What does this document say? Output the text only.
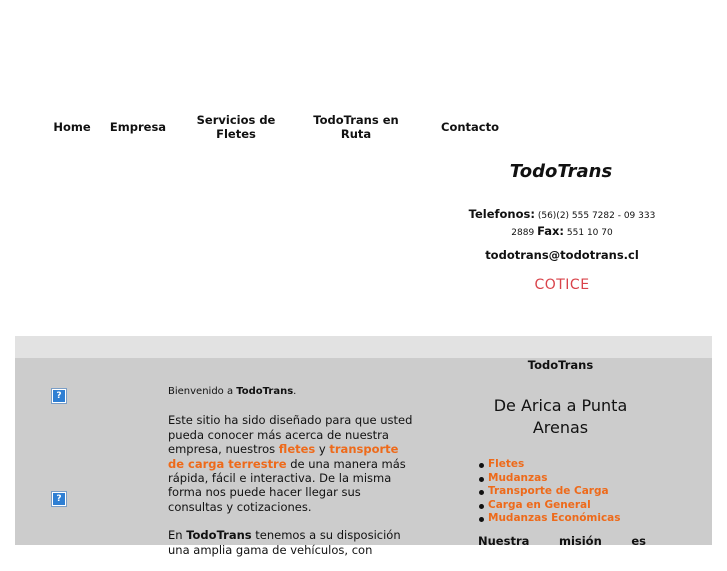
Home	Empresa	Servicios de Fletes
TodoTrans en Ruta	Contacto
TodoTrans
Telefonos: (56)(2) 555 7282 - 09 333 2889 Fax: 551 10 70
todotrans@todotrans.cl
COTICE
?
?

Bienvenido a TodoTrans.

Este sitio ha sido diseñado para que usted pueda conocer más acerca de nuestra empresa, nuestros fletes y transporte de carga terrestre de una manera más rápida, fácil e interactiva. De la misma forma nos puede hacer llegar sus consultas y cotizaciones.

En TodoTrans tenemos a su disposición una amplia gama de vehículos, con

TodoTrans
De Arica a Punta Arenas
Fletes
Mudanzas
Transporte de Carga
Carga en General
Mudanzas Económicas
Nuestra misión es
